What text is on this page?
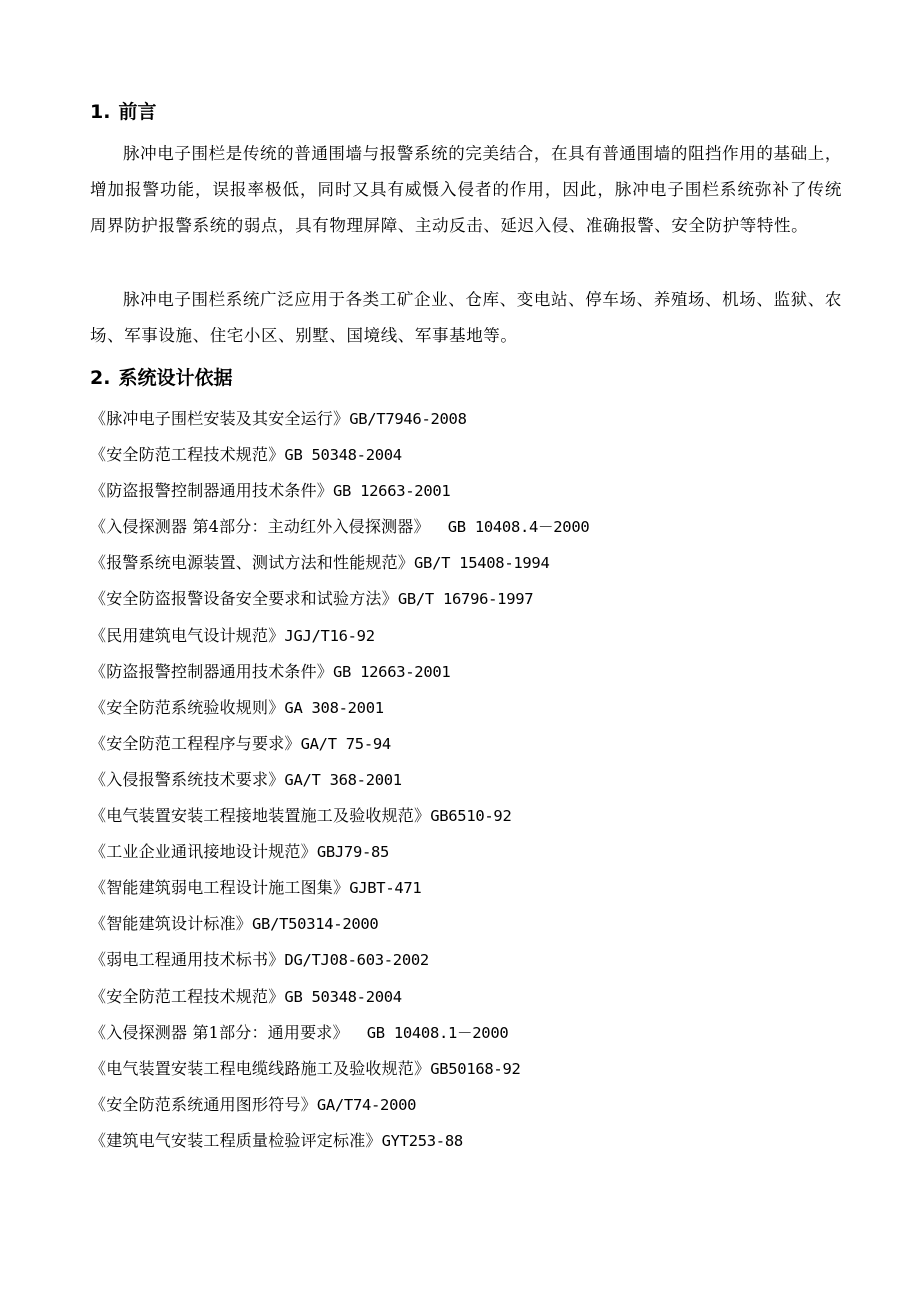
1. 前言

脉冲电子围栏是传统的普通围墙与报警系统的完美结合，在具有普通围墙的阻挡作用的基础上，增加报警功能，误报率极低，同时又具有威慑入侵者的作用，因此，脉冲电子围栏系统弥补了传统周界防护报警系统的弱点，具有物理屏障、主动反击、延迟入侵、准确报警、安全防护等特性。

脉冲电子围栏系统广泛应用于各类工矿企业、仓库、变电站、停车场、养殖场、机场、监狱、农场、军事设施、住宅小区、别墅、国境线、军事基地等。

2. 系统设计依据
《脉冲电子围栏安装及其安全运行》GB/T7946-2008
《安全防范工程技术规范》GB 50348-2004
《防盗报警控制器通用技术条件》GB 12663-2001
《入侵探测器 第4部分：主动红外入侵探测器》  GB 10408.4－2000
《报警系统电源装置、测试方法和性能规范》GB/T 15408-1994
《安全防盗报警设备安全要求和试验方法》GB/T 16796-1997
《民用建筑电气设计规范》JGJ/T16-92
《防盗报警控制器通用技术条件》GB 12663-2001
《安全防范系统验收规则》GA 308-2001
《安全防范工程程序与要求》GA/T 75-94
《入侵报警系统技术要求》GA/T 368-2001
《电气装置安装工程接地装置施工及验收规范》GB6510-92
《工业企业通讯接地设计规范》GBJ79-85
《智能建筑弱电工程设计施工图集》GJBT-471
《智能建筑设计标准》GB/T50314-2000
《弱电工程通用技术标书》DG/TJ08-603-2002
《安全防范工程技术规范》GB 50348-2004
《入侵探测器 第1部分：通用要求》  GB 10408.1－2000
《电气装置安装工程电缆线路施工及验收规范》GB50168-92
《安全防范系统通用图形符号》GA/T74-2000
《建筑电气安装工程质量检验评定标准》GYT253-88
